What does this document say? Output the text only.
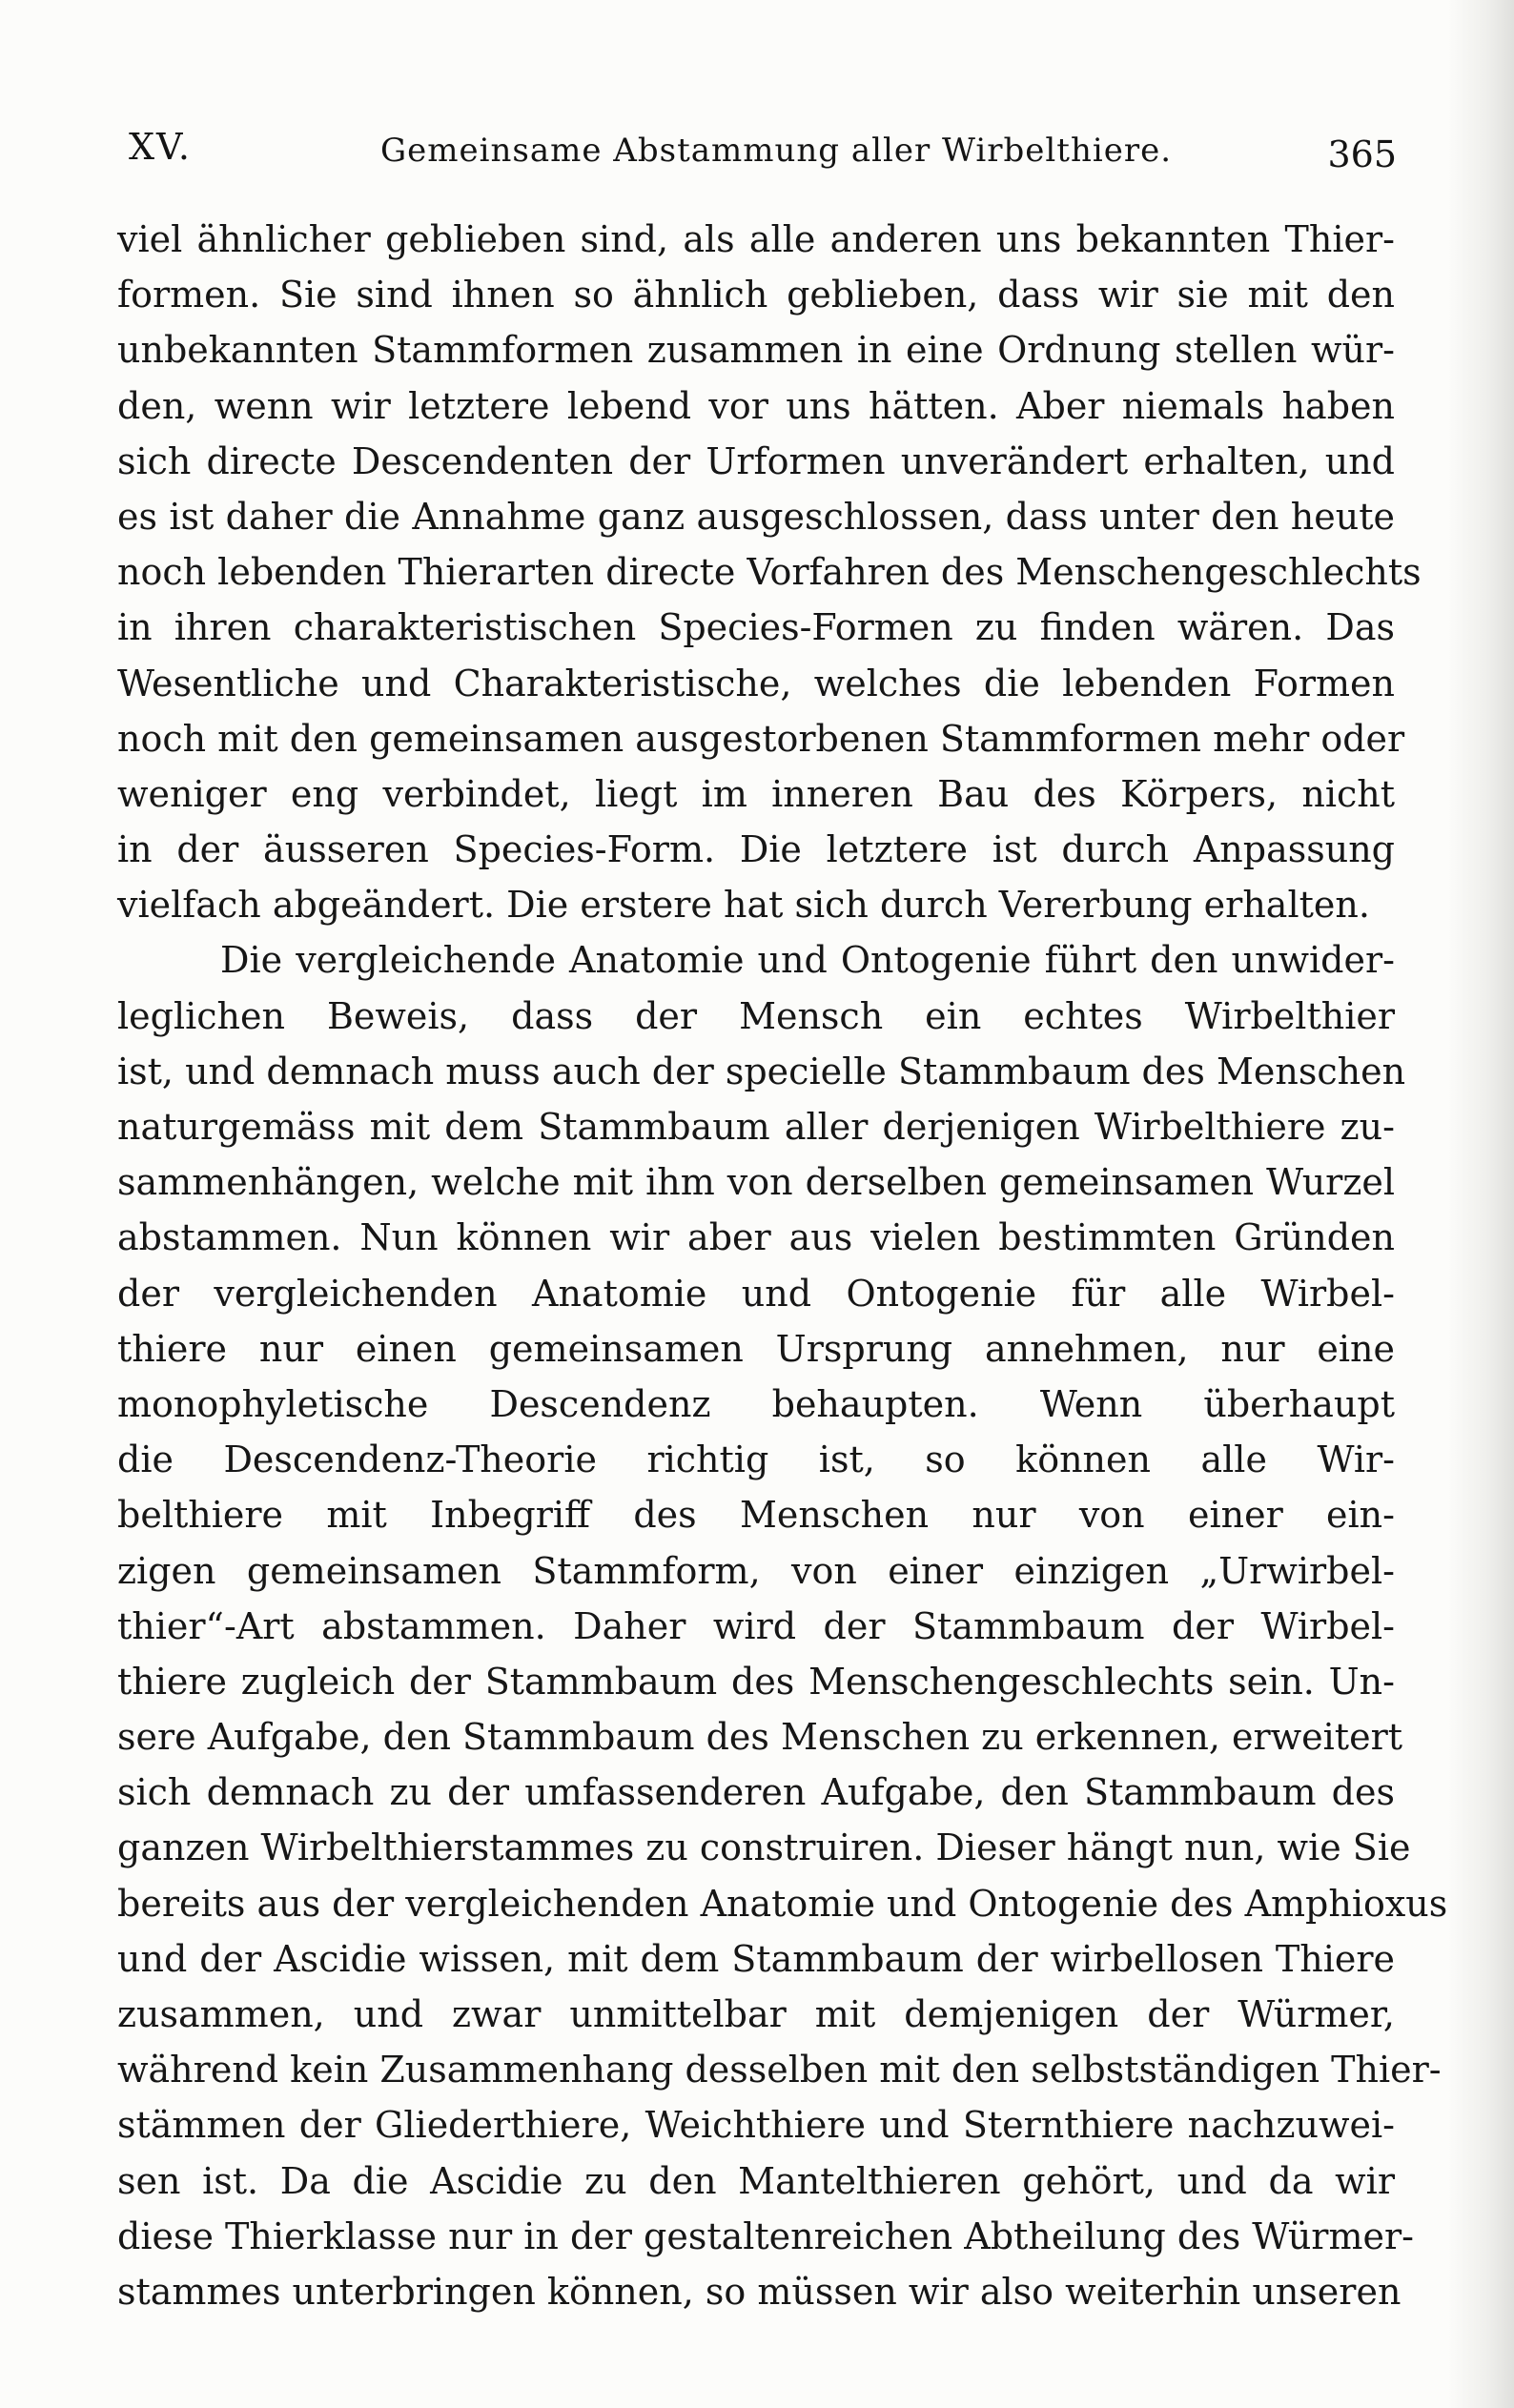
XV.	Gemeinsame Abstammung aller Wirbelthiere.	365
viel ähnlicher geblieben sind, als alle anderen uns bekannten Thier-
formen. Sie sind ihnen so ähnlich geblieben, dass wir sie mit den
unbekannten Stammformen zusammen in eine Ordnung stellen wür-
den, wenn wir letztere lebend vor uns hätten. Aber niemals haben
sich directe Descendenten der Urformen unverändert erhalten, und
es ist daher die Annahme ganz ausgeschlossen, dass unter den heute
noch lebenden Thierarten directe Vorfahren des Menschengeschlechts
in ihren charakteristischen Species-Formen zu finden wären. Das
Wesentliche und Charakteristische, welches die lebenden Formen
noch mit den gemeinsamen ausgestorbenen Stammformen mehr oder
weniger eng verbindet, liegt im inneren Bau des Körpers, nicht
in der äusseren Species-Form. Die letztere ist durch Anpassung
vielfach abgeändert. Die erstere hat sich durch Vererbung erhalten.
Die vergleichende Anatomie und Ontogenie führt den unwider-
leglichen Beweis, dass der Mensch ein echtes Wirbelthier
ist, und demnach muss auch der specielle Stammbaum des Menschen
naturgemäss mit dem Stammbaum aller derjenigen Wirbelthiere zu-
sammenhängen, welche mit ihm von derselben gemeinsamen Wurzel
abstammen. Nun können wir aber aus vielen bestimmten Gründen
der vergleichenden Anatomie und Ontogenie für alle Wirbel-
thiere nur einen gemeinsamen Ursprung annehmen, nur eine
monophyletische Descendenz behaupten. Wenn überhaupt
die Descendenz-Theorie richtig ist, so können alle Wir-
belthiere mit Inbegriff des Menschen nur von einer ein-
zigen gemeinsamen Stammform, von einer einzigen „Urwirbel-
thier“-Art abstammen. Daher wird der Stammbaum der Wirbel-
thiere zugleich der Stammbaum des Menschengeschlechts sein. Un-
sere Aufgabe, den Stammbaum des Menschen zu erkennen, erweitert
sich demnach zu der umfassenderen Aufgabe, den Stammbaum des
ganzen Wirbelthierstammes zu construiren. Dieser hängt nun, wie Sie
bereits aus der vergleichenden Anatomie und Ontogenie des Amphioxus
und der Ascidie wissen, mit dem Stammbaum der wirbellosen Thiere
zusammen, und zwar unmittelbar mit demjenigen der Würmer,
während kein Zusammenhang desselben mit den selbstständigen Thier-
stämmen der Gliederthiere, Weichthiere und Sternthiere nachzuwei-
sen ist. Da die Ascidie zu den Mantelthieren gehört, und da wir
diese Thierklasse nur in der gestaltenreichen Abtheilung des Würmer-
stammes unterbringen können, so müssen wir also weiterhin unseren
